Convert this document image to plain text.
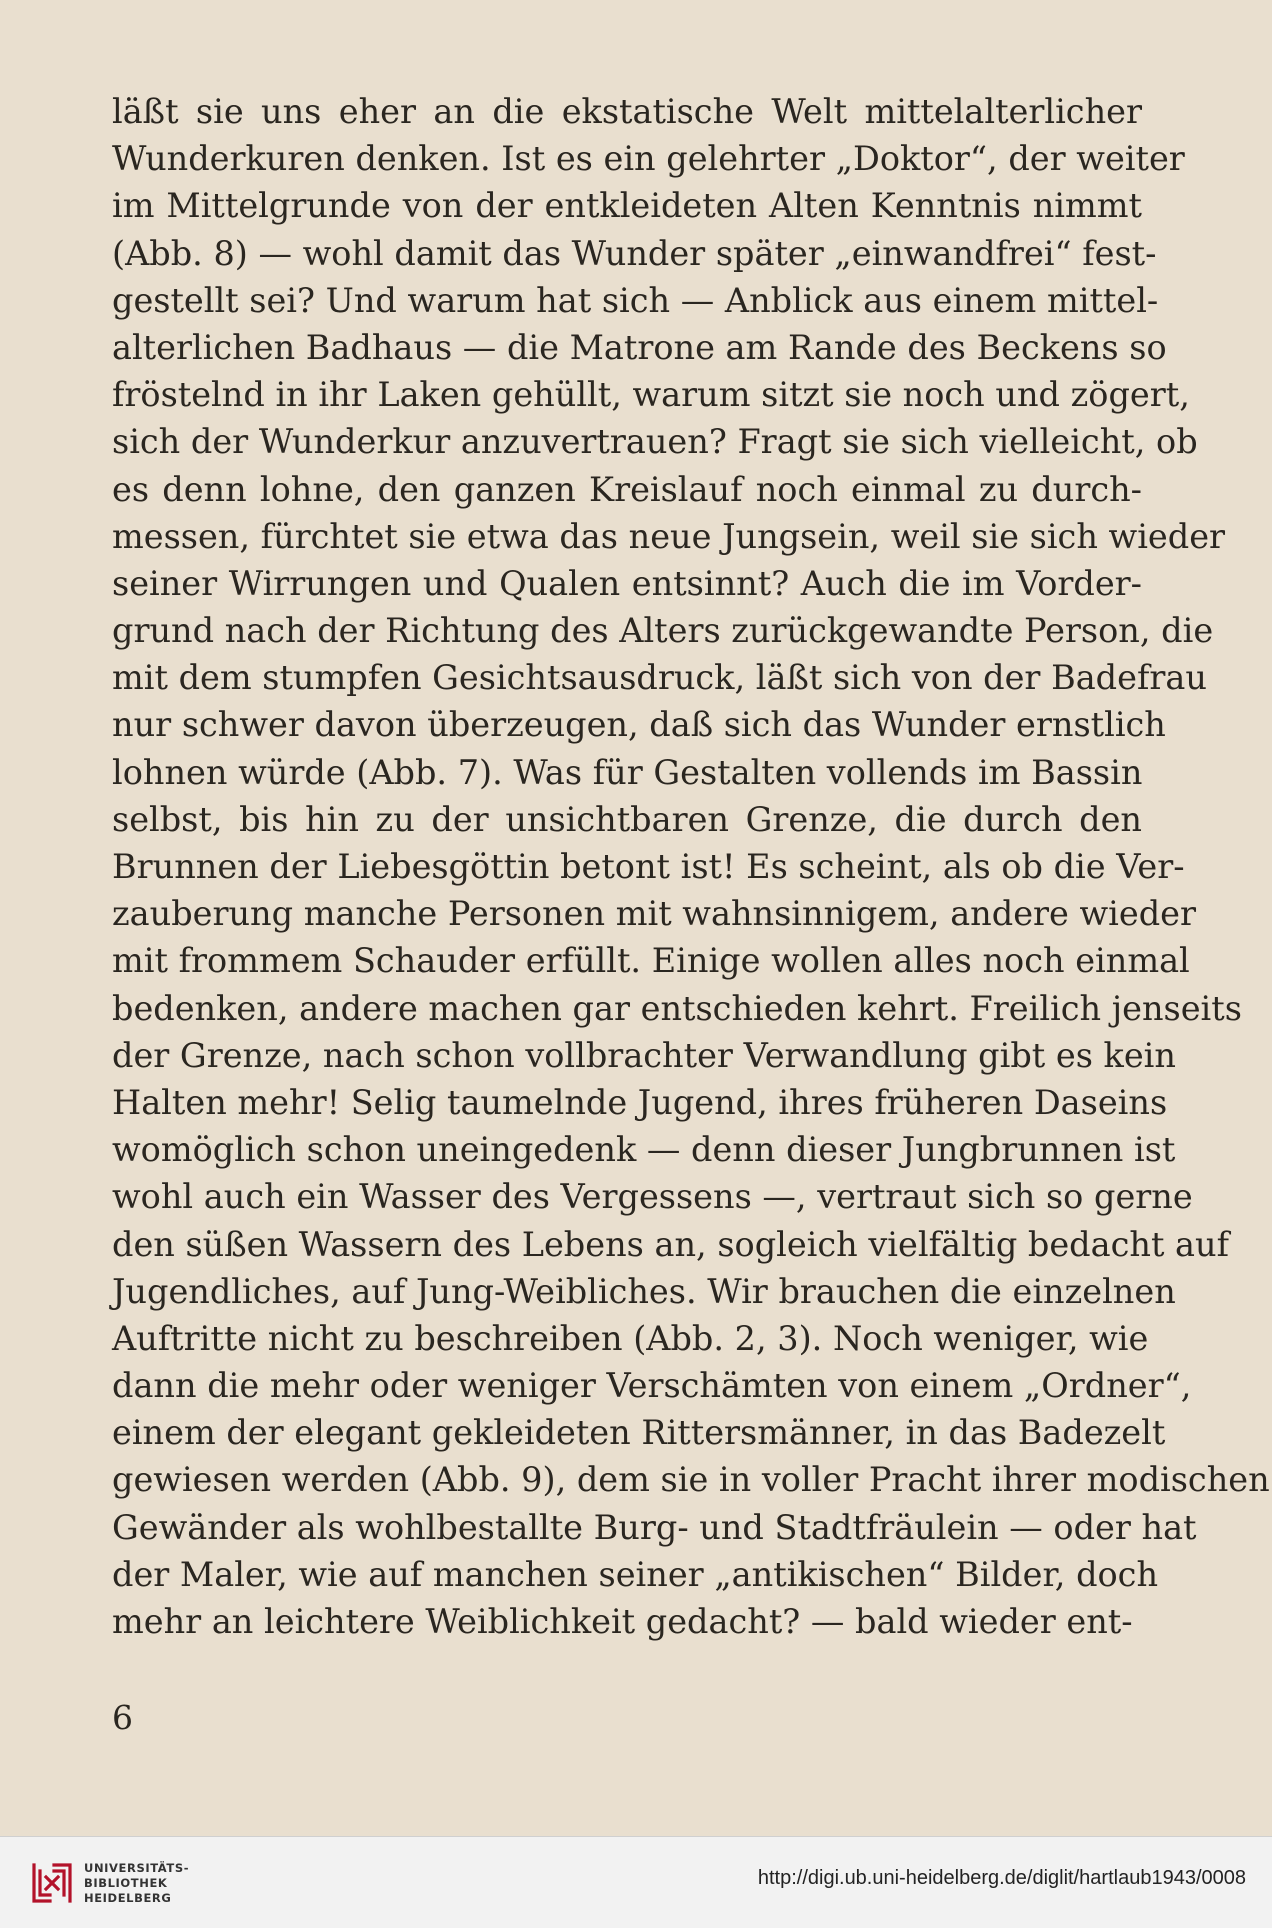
läßt sie uns eher an die ekstatische Welt mittelalterlicher
Wunderkuren denken. Ist es ein gelehrter „Doktor“, der weiter
im Mittelgrunde von der entkleideten Alten Kenntnis nimmt
(Abb. 8) — wohl damit das Wunder später „einwandfrei“ fest-
gestellt sei? Und warum hat sich — Anblick aus einem mittel-
alterlichen Badhaus — die Matrone am Rande des Beckens so
fröstelnd in ihr Laken gehüllt, warum sitzt sie noch und zögert,
sich der Wunderkur anzuvertrauen? Fragt sie sich vielleicht, ob
es denn lohne, den ganzen Kreislauf noch einmal zu durch-
messen, fürchtet sie etwa das neue Jungsein, weil sie sich wieder
seiner Wirrungen und Qualen entsinnt? Auch die im Vorder-
grund nach der Richtung des Alters zurückgewandte Person, die
mit dem stumpfen Gesichtsausdruck, läßt sich von der Badefrau
nur schwer davon überzeugen, daß sich das Wunder ernstlich
lohnen würde (Abb. 7). Was für Gestalten vollends im Bassin
selbst, bis hin zu der unsichtbaren Grenze, die durch den
Brunnen der Liebesgöttin betont ist! Es scheint, als ob die Ver-
zauberung manche Personen mit wahnsinnigem, andere wieder
mit frommem Schauder erfüllt. Einige wollen alles noch einmal
bedenken, andere machen gar entschieden kehrt. Freilich jenseits
der Grenze, nach schon vollbrachter Verwandlung gibt es kein
Halten mehr! Selig taumelnde Jugend, ihres früheren Daseins
womöglich schon uneingedenk — denn dieser Jungbrunnen ist
wohl auch ein Wasser des Vergessens —, vertraut sich so gerne
den süßen Wassern des Lebens an, sogleich vielfältig bedacht auf
Jugendliches, auf Jung-Weibliches. Wir brauchen die einzelnen
Auftritte nicht zu beschreiben (Abb. 2, 3). Noch weniger, wie
dann die mehr oder weniger Verschämten von einem „Ordner“,
einem der elegant gekleideten Rittersmänner, in das Badezelt
gewiesen werden (Abb. 9), dem sie in voller Pracht ihrer modischen
Gewänder als wohlbestallte Burg- und Stadtfräulein — oder hat
der Maler, wie auf manchen seiner „antikischen“ Bilder, doch
mehr an leichtere Weiblichkeit gedacht? — bald wieder ent-
6
UNIVERSITÄTS-
BIBLIOTHEK
HEIDELBERG
http://digi.ub.uni-heidelberg.de/diglit/hartlaub1943/0008
